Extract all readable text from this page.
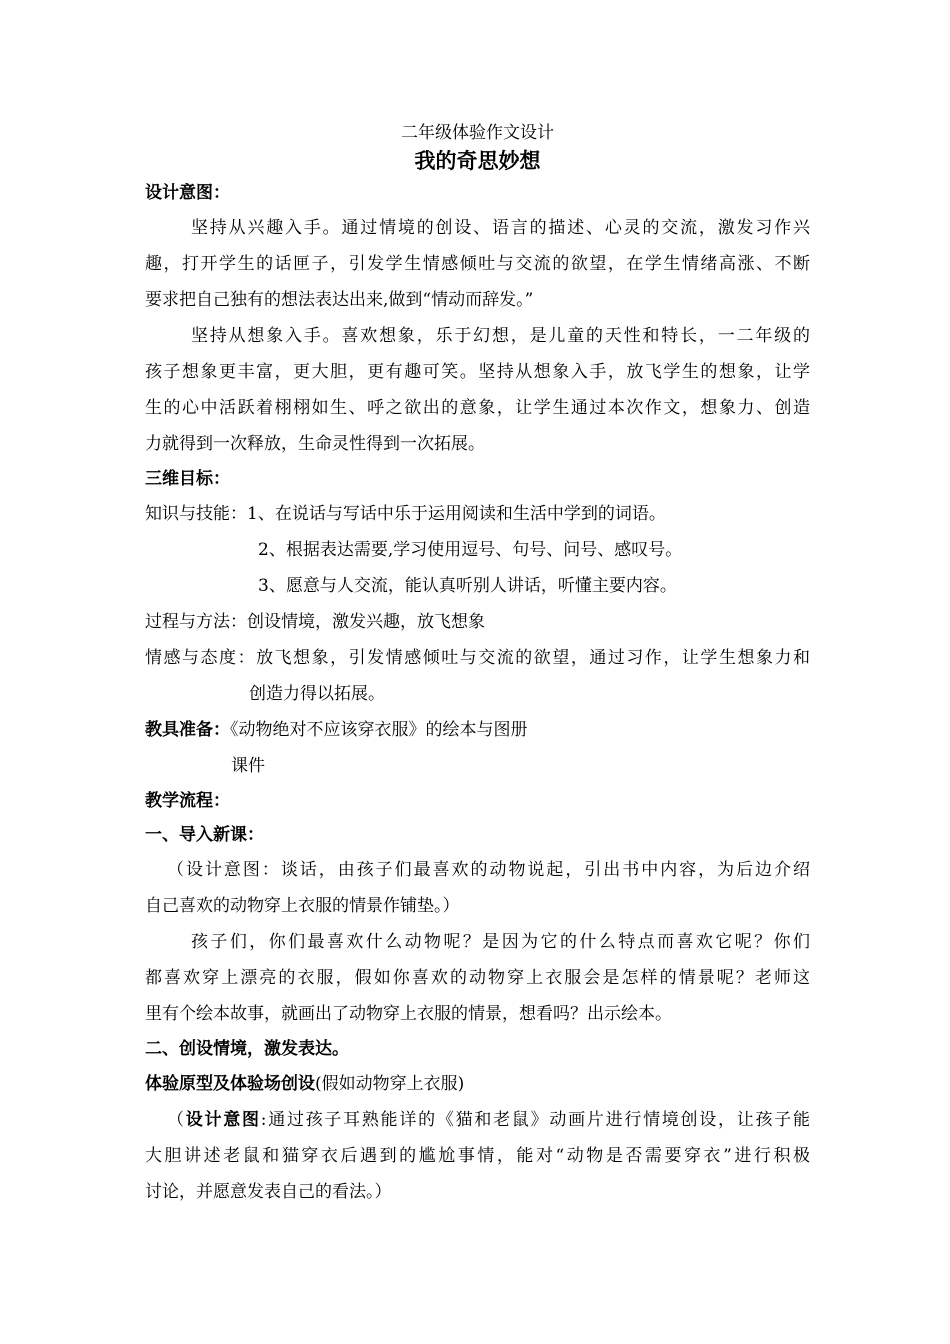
二年级体验作文设计
我的奇思妙想
设计意图：
坚持从兴趣入手。通过情境的创设、语言的描述、心灵的交流，激发习作兴
趣，打开学生的话匣子，引发学生情感倾吐与交流的欲望，在学生情绪高涨、不断
要求把自己独有的想法表达出来,做到“情动而辞发。”
坚持从想象入手。喜欢想象，乐于幻想，是儿童的天性和特长，一二年级的
孩子想象更丰富，更大胆，更有趣可笑。坚持从想象入手，放飞学生的想象，让学
生的心中活跃着栩栩如生、呼之欲出的意象，让学生通过本次作文，想象力、创造
力就得到一次释放，生命灵性得到一次拓展。
三维目标：
知识与技能：1、在说话与写话中乐于运用阅读和生活中学到的词语。
2、根据表达需要,学习使用逗号、句号、问号、感叹号。
3、愿意与人交流，能认真听别人讲话，听懂主要内容。
过程与方法：创设情境，激发兴趣，放飞想象
情感与态度：放飞想象，引发情感倾吐与交流的欲望，通过习作，让学生想象力和
创造力得以拓展。
教具准备：《动物绝对不应该穿衣服》的绘本与图册
课件
教学流程：
一、导入新课：
（设计意图：谈话，由孩子们最喜欢的动物说起，引出书中内容，为后边介绍
自己喜欢的动物穿上衣服的情景作铺垫。）
孩子们，你们最喜欢什么动物呢？是因为它的什么特点而喜欢它呢？你们
都喜欢穿上漂亮的衣服，假如你喜欢的动物穿上衣服会是怎样的情景呢？老师这
里有个绘本故事，就画出了动物穿上衣服的情景，想看吗？出示绘本。
二、创设情境，激发表达。
体验原型及体验场创设(假如动物穿上衣服)
（设计意图:通过孩子耳熟能详的《猫和老鼠》动画片进行情境创设，让孩子能
大胆讲述老鼠和猫穿衣后遇到的尴尬事情，能对“动物是否需要穿衣”进行积极
讨论，并愿意发表自己的看法。）
